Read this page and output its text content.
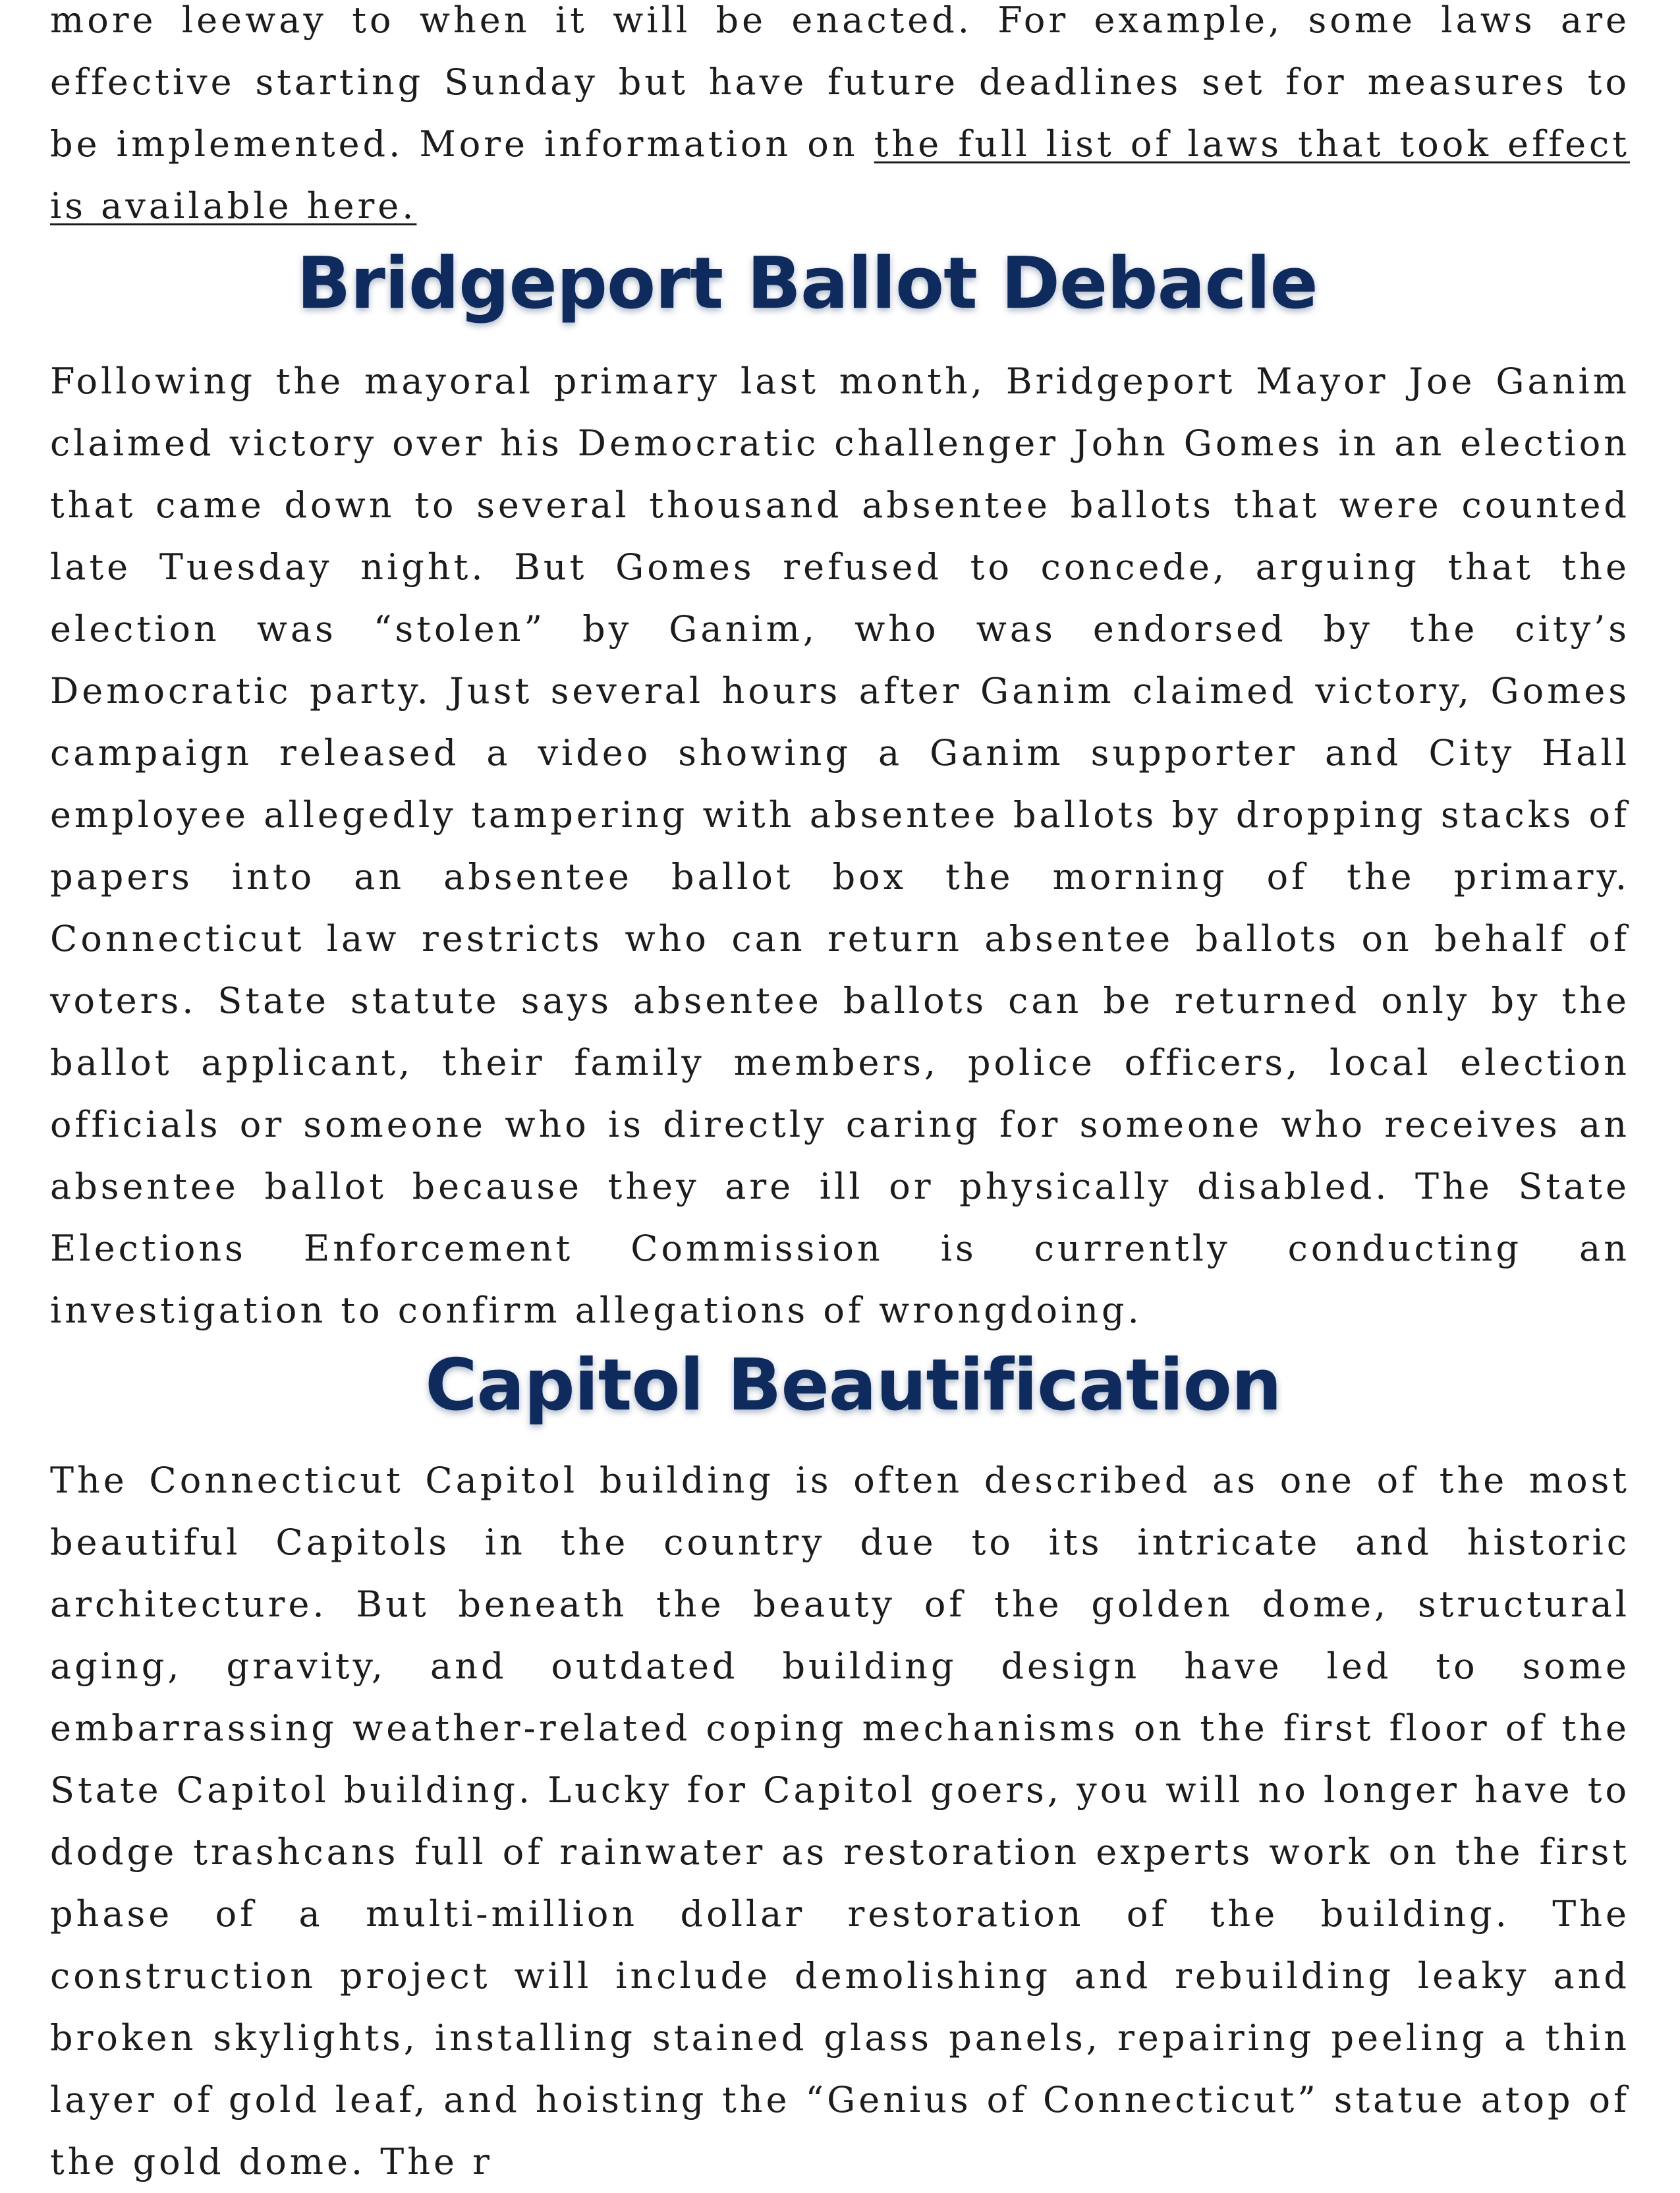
more leeway to when it will be enacted. For example, some laws are effective starting Sunday but have future deadlines set for measures to be implemented. More information on the full list of laws that took effect is available here.

Bridgeport Ballot Debacle

Following the mayoral primary last month, Bridgeport Mayor Joe Ganim claimed victory over his Democratic challenger John Gomes in an election that came down to several thousand absentee ballots that were counted late Tuesday night. But Gomes refused to concede, arguing that the election was “stolen” by Ganim, who was endorsed by the city’s Democratic party. Just several hours after Ganim claimed victory, Gomes campaign released a video showing a Ganim supporter and City Hall employee allegedly tampering with absentee ballots by dropping stacks of papers into an absentee ballot box the morning of the primary. Connecticut law restricts who can return absentee ballots on behalf of voters. State statute says absentee ballots can be returned only by the ballot applicant, their family members, police officers, local election officials or someone who is directly caring for someone who receives an absentee ballot because they are ill or physically disabled. The State Elections Enforcement Commission is currently conducting an investigation to confirm allegations of wrongdoing.

Capitol Beautification

The Connecticut Capitol building is often described as one of the most beautiful Capitols in the country due to its intricate and historic architecture. But beneath the beauty of the golden dome, structural aging, gravity, and outdated building design have led to some embarrassing weather-related coping mechanisms on the first floor of the State Capitol building. Lucky for Capitol goers, you will no longer have to dodge trashcans full of rainwater as restoration experts work on the first phase of a multi-million dollar restoration of the building. The construction project will include demolishing and rebuilding leaky and broken skylights, installing stained glass panels, repairing peeling a thin layer of gold leaf, and hoisting the “Genius of Connecticut” statue atop of the gold dome. The r
